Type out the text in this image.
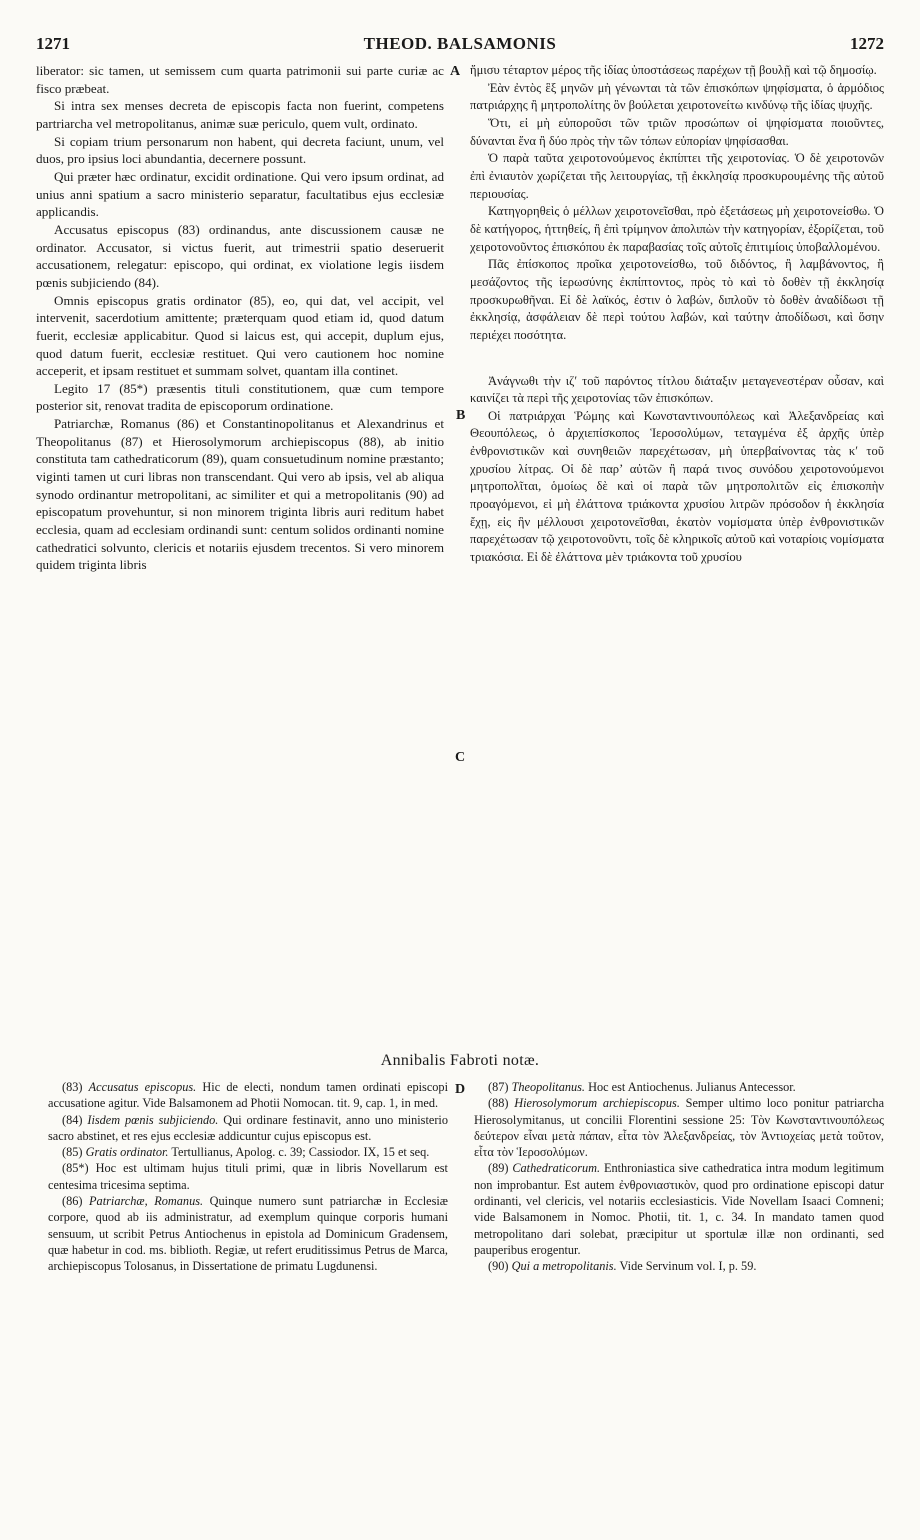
1271	THEOD. BALSAMONIS	1272
A
B
C
D

liberator: sic tamen, ut semissem cum quarta patrimonii sui parte curiæ ac fisco præbeat.

Si intra sex menses decreta de episcopis facta non fuerint, competens partriarcha vel metropolitanus, animæ suæ periculo, quem vult, ordinato.

Si copiam trium personarum non habent, qui decreta faciunt, unum, vel duos, pro ipsius loci abundantia, decernere possunt.

Qui præter hæc ordinatur, excidit ordinatione. Qui vero ipsum ordinat, ad unius anni spatium a sacro ministerio separatur, facultatibus ejus ecclesiæ applicandis.

Accusatus episcopus (83) ordinandus, ante discussionem causæ ne ordinator. Accusator, si victus fuerit, aut trimestrii spatio deseruerit accusationem, relegatur: episcopo, qui ordinat, ex violatione legis iisdem pœnis subjiciendo (84).

Omnis episcopus gratis ordinator (85), eo, qui dat, vel accipit, vel intervenit, sacerdotium amittente; præterquam quod etiam id, quod datum fuerit, ecclesiæ applicabitur. Quod si laicus est, qui accepit, duplum ejus, quod datum fuerit, ecclesiæ restituet. Qui vero cautionem hoc nomine acceperit, et ipsam restituet et summam solvet, quantam illa continet.

Legito 17 (85*) præsentis tituli constitutionem, quæ cum tempore posterior sit, renovat tradita de episcoporum ordinatione.

Patriarchæ, Romanus (86) et Constantinopolitanus et Alexandrinus et Theopolitanus (87) et Hierosolymorum archiepiscopus (88), ab initio constituta tam cathedraticorum (89), quam consuetudinum nomine præstanto; viginti tamen ut curi libras non transcendant. Qui vero ab ipsis, vel ab aliqua synodo ordinantur metropolitani, ac similiter et qui a metropolitanis (90) ad episcopatum provehuntur, si non minorem triginta libris auri reditum habet ecclesia, quam ad ecclesiam ordinandi sunt: centum solidos ordinanti nomine cathedratici solvunto, clericis et notariis ejusdem trecentos. Si vero minorem quidem triginta libris

ἥμισυ τέταρτον μέρος τῆς ἰδίας ὑποστάσεως παρέχων τῇ βουλῇ καὶ τῷ δημοσίῳ.

Ἐὰν ἐντὸς ἓξ μηνῶν μὴ γένωνται τὰ τῶν ἐπισκόπων ψηφίσματα, ὁ ἁρμόδιος πατριάρχης ἢ μητροπολίτης ὃν βούλεται χειροτονείτω κινδύνῳ τῆς ἰδίας ψυχῆς.

Ὅτι, εἰ μὴ εὐποροῦσι τῶν τριῶν προσώπων οἱ ψηφίσματα ποιοῦντες, δύνανται ἕνα ἢ δύο πρὸς τὴν τῶν τόπων εὐπορίαν ψηφίσασθαι.

Ὁ παρὰ ταῦτα χειροτονούμενος ἐκπίπτει τῆς χειροτονίας. Ὁ δὲ χειροτονῶν ἐπὶ ἐνιαυτὸν χωρίζεται τῆς λειτουργίας, τῇ ἐκκλησίᾳ προσκυρουμένης τῆς αὐτοῦ περιουσίας.

Κατηγορηθεὶς ὁ μέλλων χειροτονεῖσθαι, πρὸ ἐξετάσεως μὴ χειροτονείσθω. Ὁ δὲ κατήγορος, ἡττηθείς, ἢ ἐπὶ τρίμηνον ἀπολιπὼν τὴν κατηγορίαν, ἐξορίζεται, τοῦ χειροτονοῦντος ἐπισκόπου ἐκ παραβασίας τοῖς αὐτοῖς ἐπιτιμίοις ὑποβαλλομένου.

Πᾶς ἐπίσκοπος προῖκα χειροτονείσθω, τοῦ διδόντος, ἢ λαμβάνοντος, ἢ μεσάζοντος τῆς ἱερωσύνης ἐκπίπτοντος, πρὸς τὸ καὶ τὸ δοθὲν τῇ ἐκκλησίᾳ προσκυρωθῆναι. Εἰ δὲ λαϊκός, ἐστιν ὁ λαβών, διπλοῦν τὸ δοθὲν ἀναδίδωσι τῇ ἐκκλησίᾳ, ἀσφάλειαν δὲ περὶ τούτου λαβών, καὶ ταύτην ἀποδίδωσι, καὶ ὅσην περιέχει ποσότητα.

Ἀνάγνωθι τὴν ιζʹ τοῦ παρόντος τίτλου διάταξιν μεταγενεστέραν οὖσαν, καὶ καινίζει τὰ περὶ τῆς χειροτονίας τῶν ἐπισκόπων.

Οἱ πατριάρχαι Ῥώμης καὶ Κωνσταντινουπόλεως καὶ Ἀλεξανδρείας καὶ Θεουπόλεως, ὁ ἀρχιεπίσκοπος Ἱεροσολύμων, τεταγμένα ἐξ ἀρχῆς ὑπὲρ ἐνθρονιστικῶν καὶ συνηθειῶν παρεχέτωσαν, μὴ ὑπερβαίνοντας τὰς κʹ τοῦ χρυσίου λίτρας. Οἱ δὲ παρ’ αὐτῶν ἢ παρά τινος συνόδου χειροτονούμενοι μητροπολῖται, ὁμοίως δὲ καὶ οἱ παρὰ τῶν μητροπολιτῶν εἰς ἐπισκοπὴν προαγόμενοι, εἰ μὴ ἐλάττονα τριάκοντα χρυσίου λιτρῶν πρόσοδον ἡ ἐκκλησία ἔχῃ, εἰς ἣν μέλλουσι χειροτονεῖσθαι, ἑκατὸν νομίσματα ὑπὲρ ἐνθρονιστικῶν παρεχέτωσαν τῷ χειροτονοῦντι, τοῖς δὲ κληρικοῖς αὐτοῦ καὶ νοταρίοις νομίσματα τριακόσια. Εἰ δὲ ἐλάττονα μὲν τριάκοντα τοῦ χρυσίου

Annibalis Fabroti notæ.

(83) Accusatus episcopus. Hic de electi, nondum tamen ordinati episcopi accusatione agitur. Vide Balsamonem ad Photii Nomocan. tit. 9, cap. 1, in med.

(84) Iisdem pœnis subjiciendo. Qui ordinare festinavit, anno uno ministerio sacro abstinet, et res ejus ecclesiæ addicuntur cujus episcopus est.

(85) Gratis ordinator. Tertullianus, Apolog. c. 39; Cassiodor. IX, 15 et seq.

(85*) Hoc est ultimam hujus tituli primi, quæ in libris Novellarum est centesima tricesima septima.

(86) Patriarchæ, Romanus. Quinque numero sunt patriarchæ in Ecclesiæ corpore, quod ab iis administratur, ad exemplum quinque corporis humani sensuum, ut scribit Petrus Antiochenus in epistola ad Dominicum Gradensem, quæ habetur in cod. ms. biblioth. Regiæ, ut refert eruditissimus Petrus de Marca, archiepiscopus Tolosanus, in Dissertatione de primatu Lugdunensi.

(87) Theopolitanus. Hoc est Antiochenus. Julianus Antecessor.

(88) Hierosolymorum archiepiscopus. Semper ultimo loco ponitur patriarcha Hierosolymitanus, ut concilii Florentini sessione 25: Τὸν Κωνσταντινουπόλεως δεύτερον εἶναι μετὰ πάπαν, εἶτα τὸν Ἀλεξανδρείας, τὸν Ἀντιοχείας μετὰ τοῦτον, εἶτα τὸν Ἱεροσολύμων.

(89) Cathedraticorum. Enthroniastica sive cathedratica intra modum legitimum non improbantur. Est autem ἐνθρονιαστικὸν, quod pro ordinatione episcopi datur ordinanti, vel clericis, vel notariis ecclesiasticis. Vide Novellam Isaaci Comneni; vide Balsamonem in Nomoc. Photii, tit. 1, c. 34. In mandato tamen quod metropolitano dari solebat, præcipitur ut sportulæ illæ non ordinanti, sed pauperibus erogentur.

(90) Qui a metropolitanis. Vide Servinum vol. I, p. 59.
